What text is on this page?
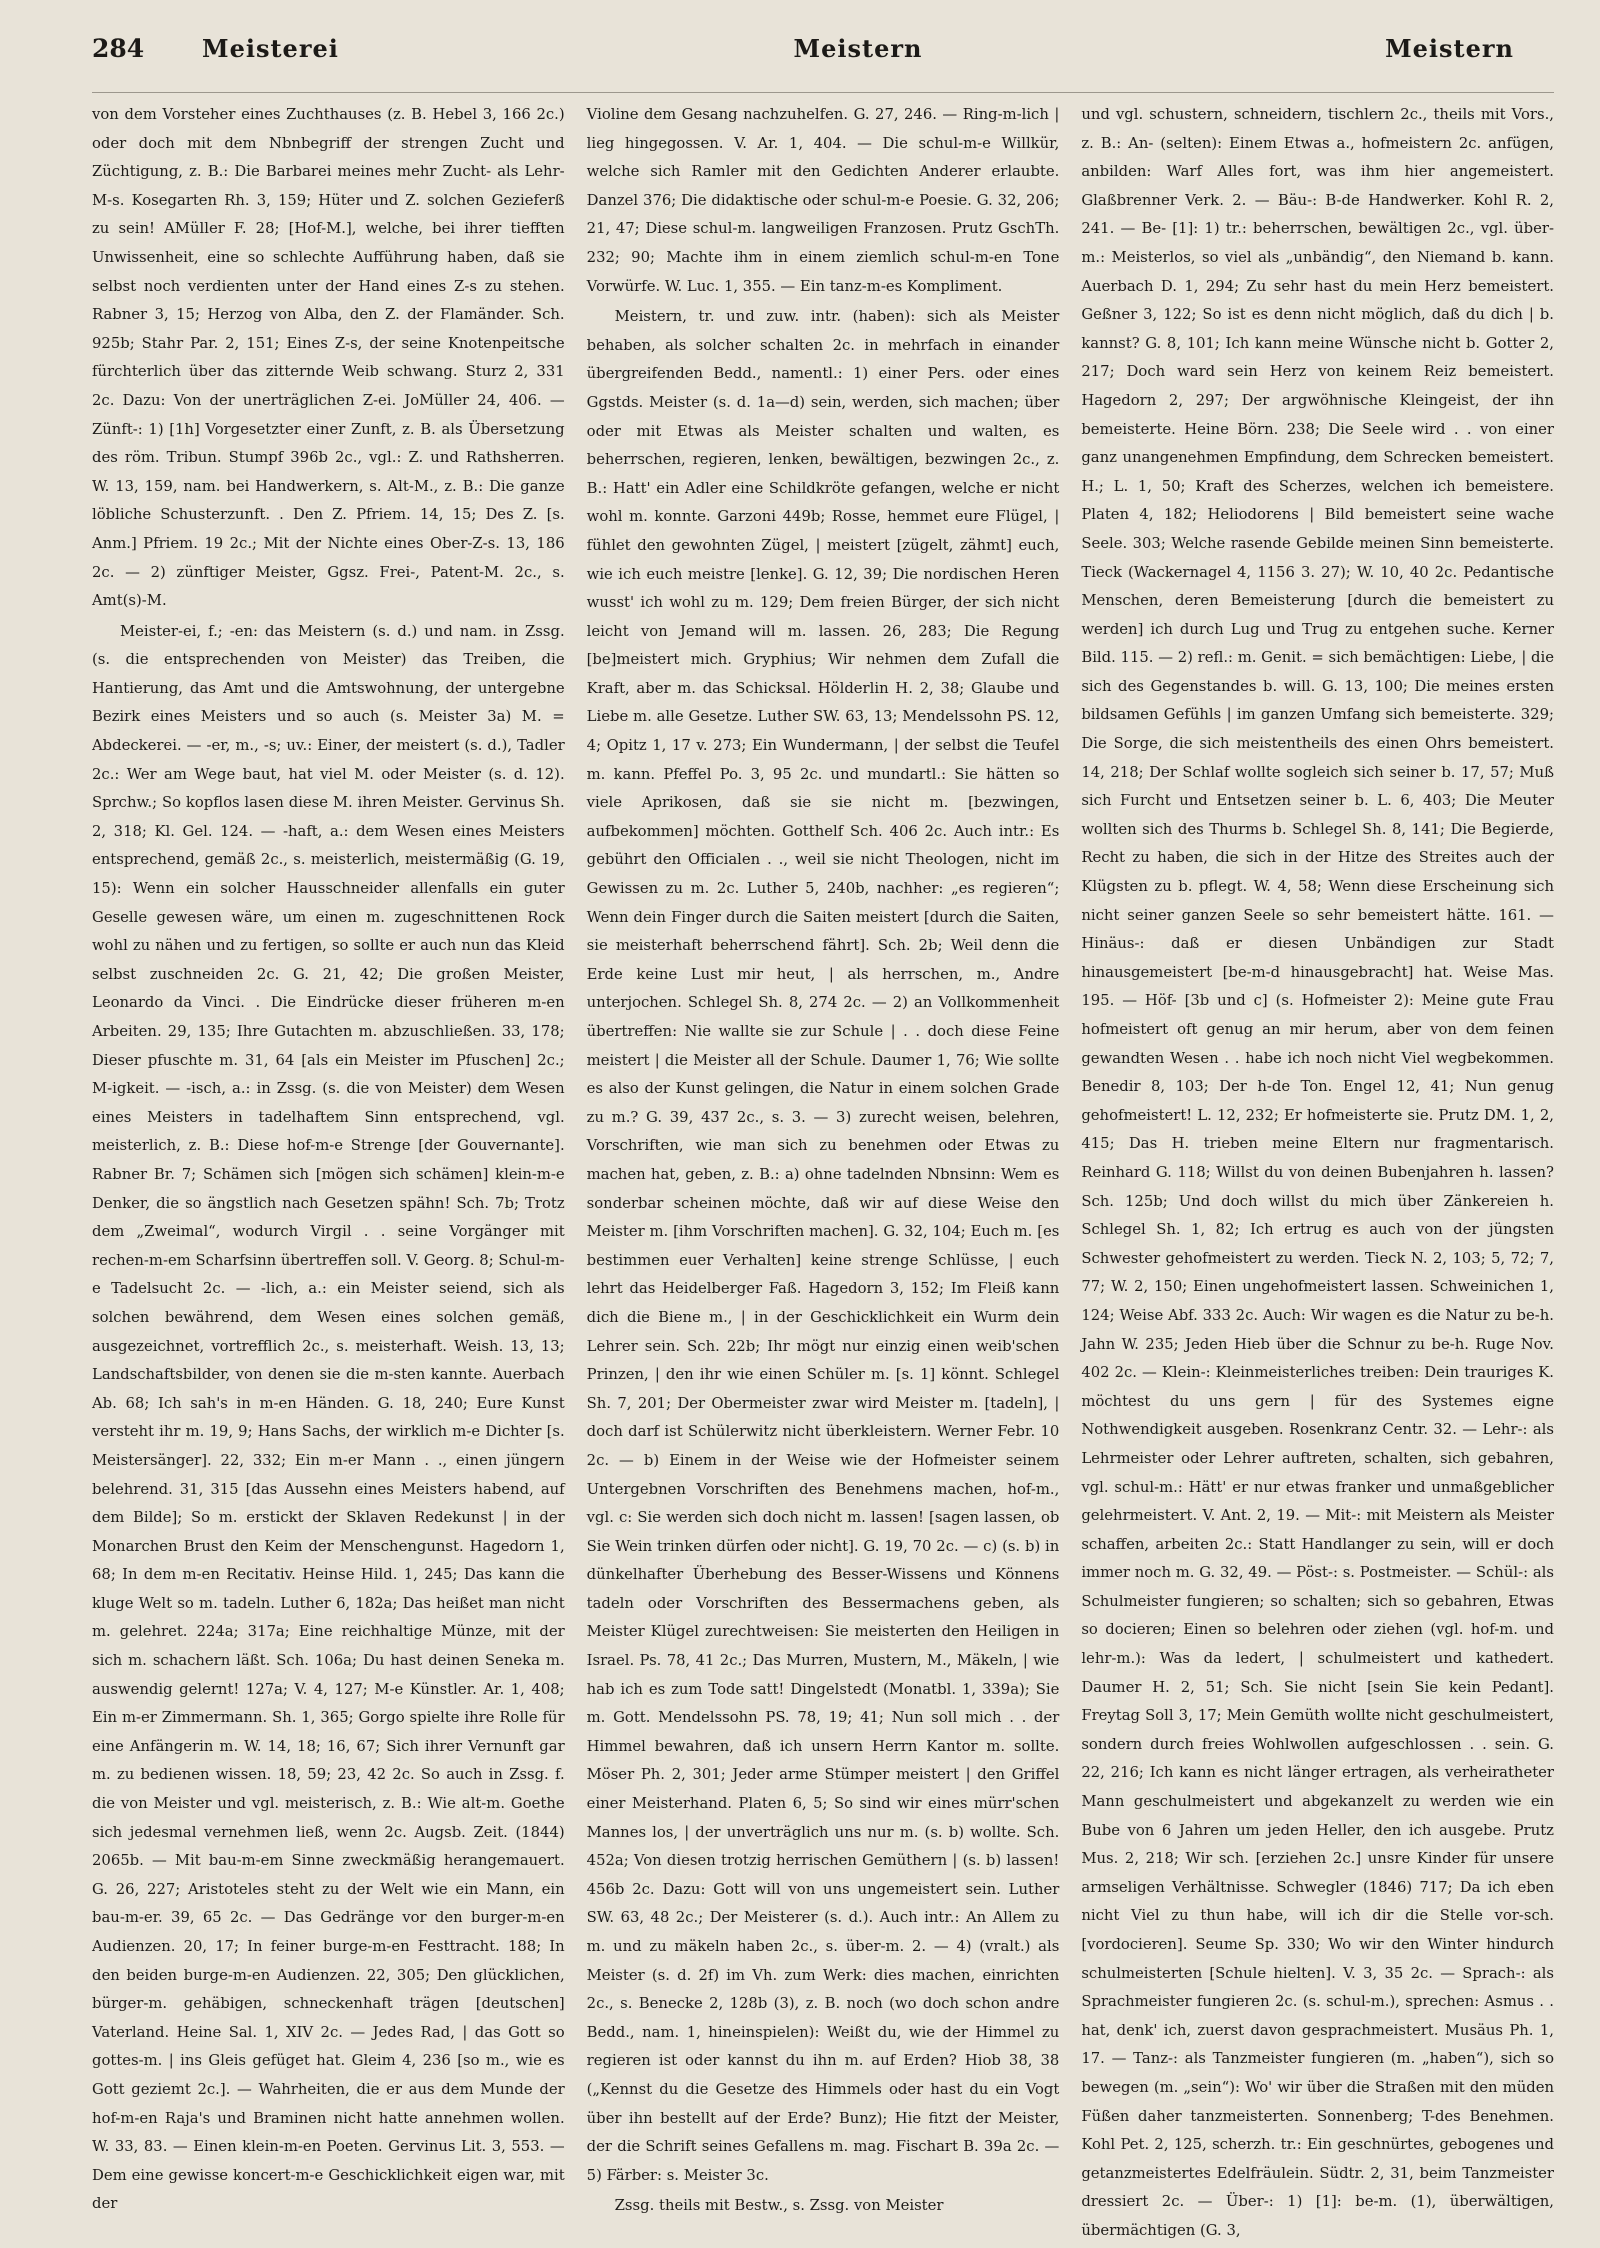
284	Meisterei	Meistern	Meistern

von dem Vorsteher eines Zuchthauses (z. B. Hebel 3, 166 2c.) oder doch mit dem Nbnbegriff der strengen Zucht und Züchtigung, z. B.: Die Barbarei meines mehr Zucht- als Lehr-M-s. Kosegarten Rh. 3, 159; Hüter und Z. solchen Gezieferß zu sein! AMüller F. 28; [Hof-M.], welche, bei ihrer tiefften Unwissenheit, eine so schlechte Aufführung haben, daß sie selbst noch verdienten unter der Hand eines Z-s zu stehen. Rabner 3, 15; Herzog von Alba, den Z. der Flamänder. Sch. 925b; Stahr Par. 2, 151; Eines Z-s, der seine Knotenpeitsche fürchterlich über das zitternde Weib schwang. Sturz 2, 331 2c. Dazu: Von der unerträglichen Z-ei. JoMüller 24, 406. — Zünft-: 1) [1h] Vorgesetzter einer Zunft, z. B. als Übersetzung des röm. Tribun. Stumpf 396b 2c., vgl.: Z. und Rathsherren. W. 13, 159, nam. bei Handwerkern, s. Alt-M., z. B.: Die ganze löbliche Schusterzunft. . Den Z. Pfriem. 14, 15; Des Z. [s. Anm.] Pfriem. 19 2c.; Mit der Nichte eines Ober-Z-s. 13, 186 2c. — 2) zünftiger Meister, Ggsz. Frei-, Patent-M. 2c., s. Amt(s)-M.

Meister-ei, f.; -en: das Meistern (s. d.) und nam. in Zssg. (s. die entsprechenden von Meister) das Treiben, die Hantierung, das Amt und die Amtswohnung, der untergebne Bezirk eines Meisters und so auch (s. Meister 3a) M. = Abdeckerei. — -er, m., -s; uv.: Einer, der meistert (s. d.), Tadler 2c.: Wer am Wege baut, hat viel M. oder Meister (s. d. 12). Sprchw.; So kopflos lasen diese M. ihren Meister. Gervinus Sh. 2, 318; Kl. Gel. 124. — -haft, a.: dem Wesen eines Meisters entsprechend, gemäß 2c., s. meisterlich, meistermäßig (G. 19, 15): Wenn ein solcher Hausschneider allenfalls ein guter Geselle gewesen wäre, um einen m. zugeschnittenen Rock wohl zu nähen und zu fertigen, so sollte er auch nun das Kleid selbst zuschneiden 2c. G. 21, 42; Die großen Meister, Leonardo da Vinci. . Die Eindrücke dieser früheren m-en Arbeiten. 29, 135; Ihre Gutachten m. abzuschließen. 33, 178; Dieser pfuschte m. 31, 64 [als ein Meister im Pfuschen] 2c.; M-igkeit. — -isch, a.: in Zssg. (s. die von Meister) dem Wesen eines Meisters in tadelhaftem Sinn entsprechend, vgl. meisterlich, z. B.: Diese hof-m-e Strenge [der Gouvernante]. Rabner Br. 7; Schämen sich [mögen sich schämen] klein-m-e Denker, die so ängstlich nach Gesetzen spähn! Sch. 7b; Trotz dem „Zweimal“, wodurch Virgil . . seine Vorgänger mit rechen-m-em Scharfsinn übertreffen soll. V. Georg. 8; Schul-m-e Tadelsucht 2c. — -lich, a.: ein Meister seiend, sich als solchen bewährend, dem Wesen eines solchen gemäß, ausgezeichnet, vortrefflich 2c., s. meisterhaft. Weish. 13, 13; Landschaftsbilder, von denen sie die m-sten kannte. Auerbach Ab. 68; Ich sah's in m-en Händen. G. 18, 240; Eure Kunst versteht ihr m. 19, 9; Hans Sachs, der wirklich m-e Dichter [s. Meistersänger]. 22, 332; Ein m-er Mann . ., einen jüngern belehrend. 31, 315 [das Aussehn eines Meisters habend, auf dem Bilde]; So m. erstickt der Sklaven Redekunst | in der Monarchen Brust den Keim der Menschengunst. Hagedorn 1, 68; In dem m-en Recitativ. Heinse Hild. 1, 245; Das kann die kluge Welt so m. tadeln. Luther 6, 182a; Das heißet man nicht m. gelehret. 224a; 317a; Eine reichhaltige Münze, mit der sich m. schachern läßt. Sch. 106a; Du hast deinen Seneka m. auswendig gelernt! 127a; V. 4, 127; M-e Künstler. Ar. 1, 408; Ein m-er Zimmermann. Sh. 1, 365; Gorgo spielte ihre Rolle für eine Anfängerin m. W. 14, 18; 16, 67; Sich ihrer Vernunft gar m. zu bedienen wissen. 18, 59; 23, 42 2c. So auch in Zssg. f. die von Meister und vgl. meisterisch, z. B.: Wie alt-m. Goethe sich jedesmal vernehmen ließ, wenn 2c. Augsb. Zeit. (1844) 2065b. — Mit bau-m-em Sinne zweckmäßig herangemauert. G. 26, 227; Aristoteles steht zu der Welt wie ein Mann, ein bau-m-er. 39, 65 2c. — Das Gedränge vor den burger-m-en Audienzen. 20, 17; In feiner burge-m-en Festtracht. 188; In den beiden burge-m-en Audienzen. 22, 305; Den glücklichen, bürger-m. gehäbigen, schneckenhaft trägen [deutschen] Vaterland. Heine Sal. 1, XIV 2c. — Jedes Rad, | das Gott so gottes-m. | ins Gleis gefüget hat. Gleim 4, 236 [so m., wie es Gott geziemt 2c.]. — Wahrheiten, die er aus dem Munde der hof-m-en Raja's und Braminen nicht hatte annehmen wollen. W. 33, 83. — Einen klein-m-en Poeten. Gervinus Lit. 3, 553. — Dem eine gewisse koncert-m-e Geschicklichkeit eigen war, mit der

Violine dem Gesang nachzuhelfen. G. 27, 246. — Ring-m-lich | lieg hingegossen. V. Ar. 1, 404. — Die schul-m-e Willkür, welche sich Ramler mit den Gedichten Anderer erlaubte. Danzel 376; Die didaktische oder schul-m-e Poesie. G. 32, 206; 21, 47; Diese schul-m. langweiligen Franzosen. Prutz GschTh. 232; 90; Machte ihm in einem ziemlich schul-m-en Tone Vorwürfe. W. Luc. 1, 355. — Ein tanz-m-es Kompliment.

Meistern, tr. und zuw. intr. (haben): sich als Meister behaben, als solcher schalten 2c. in mehrfach in einander übergreifenden Bedd., namentl.: 1) einer Pers. oder eines Ggstds. Meister (s. d. 1a—d) sein, werden, sich machen; über oder mit Etwas als Meister schalten und walten, es beherrschen, regieren, lenken, bewältigen, bezwingen 2c., z. B.: Hatt' ein Adler eine Schildkröte gefangen, welche er nicht wohl m. konnte. Garzoni 449b; Rosse, hemmet eure Flügel, | fühlet den gewohnten Zügel, | meistert [zügelt, zähmt] euch, wie ich euch meistre [lenke]. G. 12, 39; Die nordischen Heren wusst' ich wohl zu m. 129; Dem freien Bürger, der sich nicht leicht von Jemand will m. lassen. 26, 283; Die Regung [be]meistert mich. Gryphius; Wir nehmen dem Zufall die Kraft, aber m. das Schicksal. Hölderlin H. 2, 38; Glaube und Liebe m. alle Gesetze. Luther SW. 63, 13; Mendelssohn PS. 12, 4; Opitz 1, 17 v. 273; Ein Wundermann, | der selbst die Teufel m. kann. Pfeffel Po. 3, 95 2c. und mundartl.: Sie hätten so viele Aprikosen, daß sie sie nicht m. [bezwingen, aufbekommen] möchten. Gotthelf Sch. 406 2c. Auch intr.: Es gebührt den Officialen . ., weil sie nicht Theologen, nicht im Gewissen zu m. 2c. Luther 5, 240b, nachher: „es regieren“; Wenn dein Finger durch die Saiten meistert [durch die Saiten, sie meisterhaft beherrschend fährt]. Sch. 2b; Weil denn die Erde keine Lust mir heut, | als herrschen, m., Andre unterjochen. Schlegel Sh. 8, 274 2c. — 2) an Vollkommenheit übertreffen: Nie wallte sie zur Schule | . . doch diese Feine meistert | die Meister all der Schule. Daumer 1, 76; Wie sollte es also der Kunst gelingen, die Natur in einem solchen Grade zu m.? G. 39, 437 2c., s. 3. — 3) zurecht weisen, belehren, Vorschriften, wie man sich zu benehmen oder Etwas zu machen hat, geben, z. B.: a) ohne tadelnden Nbnsinn: Wem es sonderbar scheinen möchte, daß wir auf diese Weise den Meister m. [ihm Vorschriften machen]. G. 32, 104; Euch m. [es bestimmen euer Verhalten] keine strenge Schlüsse, | euch lehrt das Heidelberger Faß. Hagedorn 3, 152; Im Fleiß kann dich die Biene m., | in der Geschicklichkeit ein Wurm dein Lehrer sein. Sch. 22b; Ihr mögt nur einzig einen weib'schen Prinzen, | den ihr wie einen Schüler m. [s. 1] könnt. Schlegel Sh. 7, 201; Der Obermeister zwar wird Meister m. [tadeln], | doch darf ist Schülerwitz nicht überkleistern. Werner Febr. 10 2c. — b) Einem in der Weise wie der Hofmeister seinem Untergebnen Vorschriften des Benehmens machen, hof-m., vgl. c: Sie werden sich doch nicht m. lassen! [sagen lassen, ob Sie Wein trinken dürfen oder nicht]. G. 19, 70 2c. — c) (s. b) in dünkelhafter Überhebung des Besser-Wissens und Könnens tadeln oder Vorschriften des Bessermachens geben, als Meister Klügel zurechtweisen: Sie meisterten den Heiligen in Israel. Ps. 78, 41 2c.; Das Murren, Mustern, M., Mäkeln, | wie hab ich es zum Tode satt! Dingelstedt (Monatbl. 1, 339a); Sie m. Gott. Mendelssohn PS. 78, 19; 41; Nun soll mich . . der Himmel bewahren, daß ich unsern Herrn Kantor m. sollte. Möser Ph. 2, 301; Jeder arme Stümper meistert | den Griffel einer Meisterhand. Platen 6, 5; So sind wir eines mürr'schen Mannes los, | der unverträglich uns nur m. (s. b) wollte. Sch. 452a; Von diesen trotzig herrischen Gemüthern | (s. b) lassen! 456b 2c. Dazu: Gott will von uns ungemeistert sein. Luther SW. 63, 48 2c.; Der Meisterer (s. d.). Auch intr.: An Allem zu m. und zu mäkeln haben 2c., s. über-m. 2. — 4) (vralt.) als Meister (s. d. 2f) im Vh. zum Werk: dies machen, einrichten 2c., s. Benecke 2, 128b (3), z. B. noch (wo doch schon andre Bedd., nam. 1, hineinspielen): Weißt du, wie der Himmel zu regieren ist oder kannst du ihn m. auf Erden? Hiob 38, 38 („Kennst du die Gesetze des Himmels oder hast du ein Vogt über ihn bestellt auf der Erde? Bunz); Hie fitzt der Meister, der die Schrift seines Gefallens m. mag. Fischart B. 39a 2c. — 5) Färber: s. Meister 3c.

Zssg. theils mit Bestw., s. Zssg. von Meister

und vgl. schustern, schneidern, tischlern 2c., theils mit Vors., z. B.: An- (selten): Einem Etwas a., hofmeistern 2c. anfügen, anbilden: Warf Alles fort, was ihm hier angemeistert. Glaßbrenner Verk. 2. — Bäu-: B-de Handwerker. Kohl R. 2, 241. — Be- [1]: 1) tr.: beherrschen, bewältigen 2c., vgl. über-m.: Meisterlos, so viel als „unbändig“, den Niemand b. kann. Auerbach D. 1, 294; Zu sehr hast du mein Herz bemeistert. Geßner 3, 122; So ist es denn nicht möglich, daß du dich | b. kannst? G. 8, 101; Ich kann meine Wünsche nicht b. Gotter 2, 217; Doch ward sein Herz von keinem Reiz bemeistert. Hagedorn 2, 297; Der argwöhnische Kleingeist, der ihn bemeisterte. Heine Börn. 238; Die Seele wird . . von einer ganz unangenehmen Empfindung, dem Schrecken bemeistert. H.; L. 1, 50; Kraft des Scherzes, welchen ich bemeistere. Platen 4, 182; Heliodorens | Bild bemeistert seine wache Seele. 303; Welche rasende Gebilde meinen Sinn bemeisterte. Tieck (Wackernagel 4, 1156 3. 27); W. 10, 40 2c. Pedantische Menschen, deren Bemeisterung [durch die bemeistert zu werden] ich durch Lug und Trug zu entgehen suche. Kerner Bild. 115. — 2) refl.: m. Genit. = sich bemächtigen: Liebe, | die sich des Gegenstandes b. will. G. 13, 100; Die meines ersten bildsamen Gefühls | im ganzen Umfang sich bemeisterte. 329; Die Sorge, die sich meistentheils des einen Ohrs bemeistert. 14, 218; Der Schlaf wollte sogleich sich seiner b. 17, 57; Muß sich Furcht und Entsetzen seiner b. L. 6, 403; Die Meuter wollten sich des Thurms b. Schlegel Sh. 8, 141; Die Begierde, Recht zu haben, die sich in der Hitze des Streites auch der Klügsten zu b. pflegt. W. 4, 58; Wenn diese Erscheinung sich nicht seiner ganzen Seele so sehr bemeistert hätte. 161. — Hinäus-: daß er diesen Unbändigen zur Stadt hinausgemeistert [be-m-d hinausgebracht] hat. Weise Mas. 195. — Höf- [3b und c] (s. Hofmeister 2): Meine gute Frau hofmeistert oft genug an mir herum, aber von dem feinen gewandten Wesen . . habe ich noch nicht Viel wegbekommen. Benedir 8, 103; Der h-de Ton. Engel 12, 41; Nun genug gehofmeistert! L. 12, 232; Er hofmeisterte sie. Prutz DM. 1, 2, 415; Das H. trieben meine Eltern nur fragmentarisch. Reinhard G. 118; Willst du von deinen Bubenjahren h. lassen? Sch. 125b; Und doch willst du mich über Zänkereien h. Schlegel Sh. 1, 82; Ich ertrug es auch von der jüngsten Schwester gehofmeistert zu werden. Tieck N. 2, 103; 5, 72; 7, 77; W. 2, 150; Einen ungehofmeistert lassen. Schweinichen 1, 124; Weise Abf. 333 2c. Auch: Wir wagen es die Natur zu be-h. Jahn W. 235; Jeden Hieb über die Schnur zu be-h. Ruge Nov. 402 2c. — Klein-: Kleinmeisterliches treiben: Dein trauriges K. möchtest du uns gern | für des Systemes eigne Nothwendigkeit ausgeben. Rosenkranz Centr. 32. — Lehr-: als Lehrmeister oder Lehrer auftreten, schalten, sich gebahren, vgl. schul-m.: Hätt' er nur etwas franker und unmaßgeblicher gelehrmeistert. V. Ant. 2, 19. — Mit-: mit Meistern als Meister schaffen, arbeiten 2c.: Statt Handlanger zu sein, will er doch immer noch m. G. 32, 49. — Pöst-: s. Postmeister. — Schül-: als Schulmeister fungieren; so schalten; sich so gebahren, Etwas so docieren; Einen so belehren oder ziehen (vgl. hof-m. und lehr-m.): Was da ledert, | schulmeistert und kathedert. Daumer H. 2, 51; Sch. Sie nicht [sein Sie kein Pedant]. Freytag Soll 3, 17; Mein Gemüth wollte nicht geschulmeistert, sondern durch freies Wohlwollen aufgeschlossen . . sein. G. 22, 216; Ich kann es nicht länger ertragen, als verheiratheter Mann geschulmeistert und abgekanzelt zu werden wie ein Bube von 6 Jahren um jeden Heller, den ich ausgebe. Prutz Mus. 2, 218; Wir sch. [erziehen 2c.] unsre Kinder für unsere armseligen Verhältnisse. Schwegler (1846) 717; Da ich eben nicht Viel zu thun habe, will ich dir die Stelle vor-sch. [vordocieren]. Seume Sp. 330; Wo wir den Winter hindurch schulmeisterten [Schule hielten]. V. 3, 35 2c. — Sprach-: als Sprachmeister fungieren 2c. (s. schul-m.), sprechen: Asmus . . hat, denk' ich, zuerst davon gesprachmeistert. Musäus Ph. 1, 17. — Tanz-: als Tanzmeister fungieren (m. „haben“), sich so bewegen (m. „sein“): Wo' wir über die Straßen mit den müden Füßen daher tanzmeisterten. Sonnenberg; T-des Benehmen. Kohl Pet. 2, 125, scherzh. tr.: Ein geschnürtes, gebogenes und getanzmeistertes Edelfräulein. Südtr. 2, 31, beim Tanzmeister dressiert 2c. — Über-: 1) [1]: be-m. (1), überwältigen, übermächtigen (G. 3,
